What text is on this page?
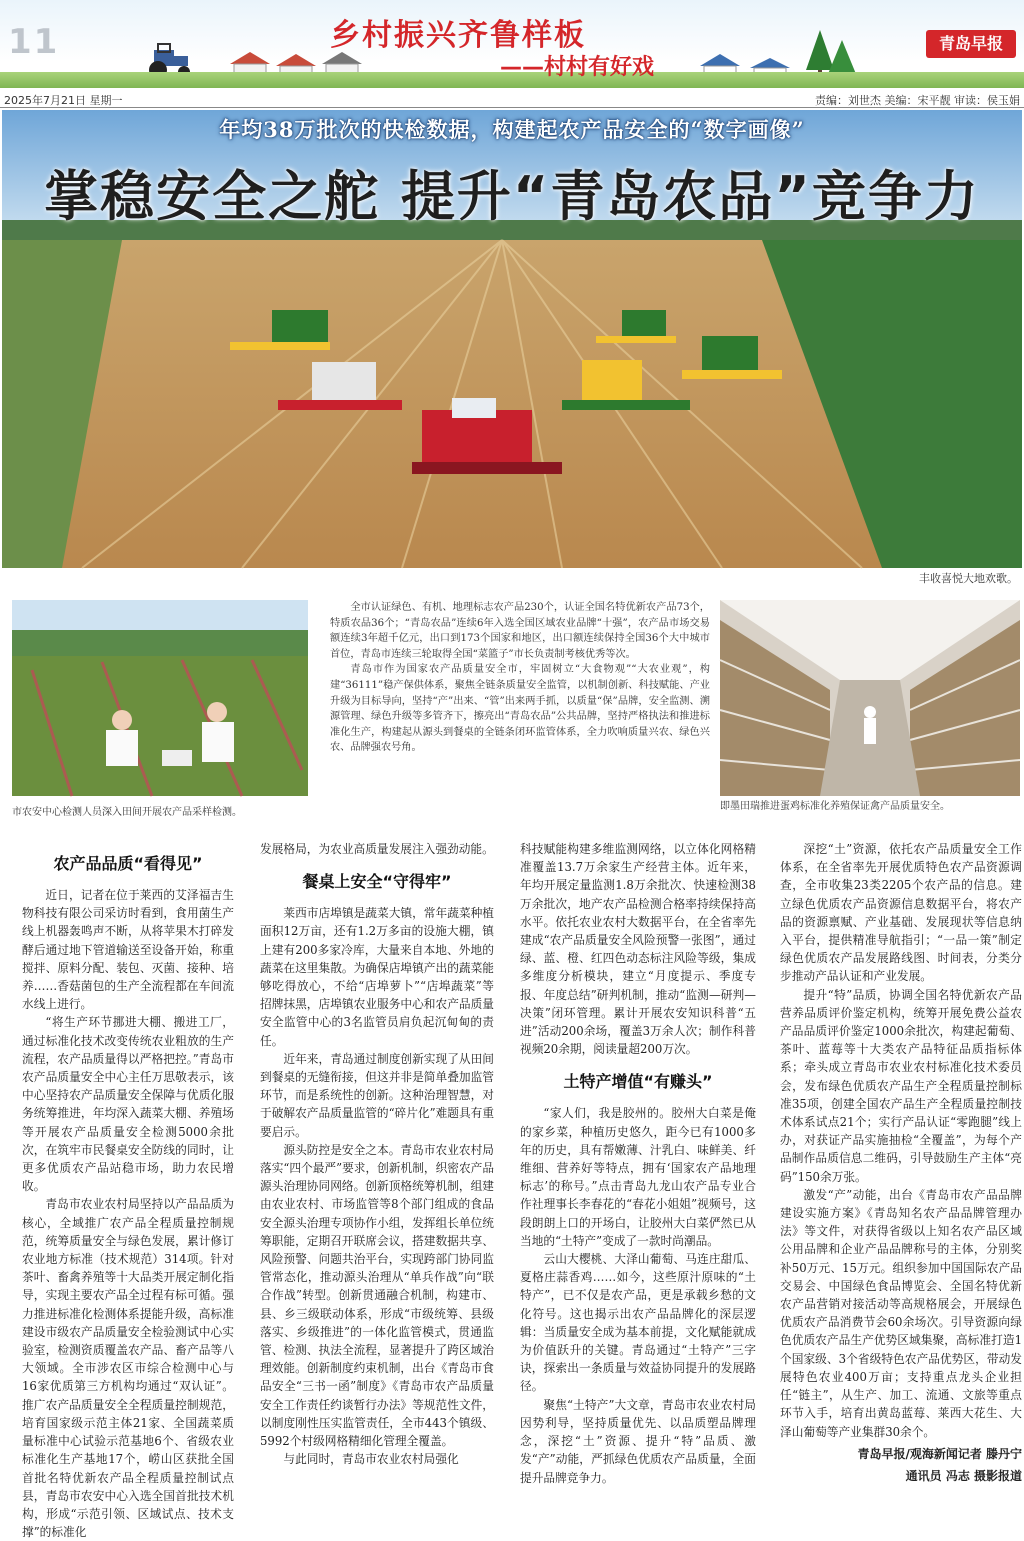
11	乡村振兴齐鲁样板
——村村有好戏
青岛早报
2025年7月21日 星期一	责编：刘世杰 美编：宋平靓 审读：侯玉娟
年均38万批次的快检数据，构建起农产品安全的“数字画像”
掌稳安全之舵 提升“青岛农品”竞争力
丰收喜悦大地欢歌。
市农安中心检测人员深入田间开展农产品采样检测。

全市认证绿色、有机、地理标志农产品230个，认证全国名特优新农产品73个，特质农品36个；“青岛农品”连续6年入选全国区域农业品牌“十强”，农产品市场交易额连续3年超千亿元，出口到173个国家和地区，出口额连续保持全国36个大中城市首位，青岛市连续三轮取得全国“菜篮子”市长负责制考核优秀等次。

青岛市作为国家农产品质量安全市，牢固树立“大食物观”“大农业观”，构建“36111”稳产保供体系，聚焦全链条质量安全监管，以机制创新、科技赋能、产业升级为目标导向，坚持“产”出来、“管”出来两手抓，以质量“保”品牌，安全监测、溯源管理、绿色升级等多管齐下，擦亮出“青岛农品”公共品牌，坚持严格执法和推进标准化生产，构建起从源头到餐桌的全链条闭环监管体系，全力吹响质量兴农、绿色兴农、品牌强农号角。

即墨田瑞推进蛋鸡标准化养殖保证禽产品质量安全。
农产品品质“看得见”

近日，记者在位于莱西的艾泽福吉生物科技有限公司采访时看到，食用菌生产线上机器轰鸣声不断，从将苹果木打碎发酵后通过地下管道输送至设备开始，称重搅拌、原料分配、装包、灭菌、接种、培养……香菇菌包的生产全流程都在车间流水线上进行。

“将生产环节挪进大棚、搬进工厂，通过标准化技术改变传统农业粗放的生产流程，农产品质量得以严格把控。”青岛市农产品质量安全中心主任万思敬表示，该中心坚持农产品质量安全保障与优质化服务统筹推进，年均深入蔬菜大棚、养殖场等开展农产品质量安全检测5000余批次，在筑牢市民餐桌安全防线的同时，让更多优质农产品站稳市场，助力农民增收。

青岛市农业农村局坚持以产品品质为核心，全域推广农产品全程质量控制规范，统筹质量安全与绿色发展，累计修订农业地方标准（技术规范）314项。针对茶叶、畜禽养殖等十大品类开展定制化指导，实现主要农产品全过程有标可循。强力推进标准化检测体系提能升级，高标准建设市级农产品质量安全检验测试中心实验室，检测资质覆盖农产品、畜产品等八大领域。全市涉农区市综合检测中心与16家优质第三方机构均通过“双认证”。推广农产品质量安全全程质量控制规范，培育国家级示范主体21家、全国蔬菜质量标准中心试验示范基地6个、省级农业标准化生产基地17个，崂山区获批全国首批名特优新农产品全程质量控制试点县，青岛市农安中心入选全国首批技术机构，形成“示范引领、区域试点、技术支撑”的标准化

发展格局，为农业高质量发展注入强劲动能。

餐桌上安全“守得牢”

莱西市店埠镇是蔬菜大镇，常年蔬菜种植面积12万亩，还有1.2万多亩的设施大棚，镇上建有200多家冷库，大量来自本地、外地的蔬菜在这里集散。为确保店埠镇产出的蔬菜能够吃得放心，不给“店埠萝卜”“店埠蔬菜”等招牌抹黑，店埠镇农业服务中心和农产品质量安全监管中心的3名监管员肩负起沉甸甸的责任。

近年来，青岛通过制度创新实现了从田间到餐桌的无缝衔接，但这并非是简单叠加监管环节，而是系统性的创新。这种治理智慧，对于破解农产品质量监管的“碎片化”难题具有重要启示。

源头防控是安全之本。青岛市农业农村局落实“四个最严”要求，创新机制，织密农产品源头治理协同网络。创新顶格统筹机制，组建由农业农村、市场监管等8个部门组成的食品安全源头治理专项协作小组，发挥组长单位统筹职能，定期召开联席会议，搭建数据共享、风险预警、问题共治平台，实现跨部门协同监管常态化，推动源头治理从“单兵作战”向“联合作战”转型。创新贯通融合机制，构建市、县、乡三级联动体系，形成“市级统筹、县级落实、乡级推进”的一体化监管模式，贯通监管、检测、执法全流程，显著提升了跨区域治理效能。创新制度约束机制，出台《青岛市食品安全“三书一函”制度》《青岛市农产品质量安全工作责任约谈暂行办法》等规范性文件，以制度刚性压实监管责任，全市443个镇级、5992个村级网格精细化管理全覆盖。

与此同时，青岛市农业农村局强化

科技赋能构建多维监测网络，以立体化网格精准覆盖13.7万余家生产经营主体。近年来，年均开展定量监测1.8万余批次、快速检测38万余批次，地产农产品检测合格率持续保持高水平。依托农业农村大数据平台，在全省率先建成“农产品质量安全风险预警一张图”，通过绿、蓝、橙、红四色动态标注风险等级，集成多维度分析模块，建立“月度提示、季度专报、年度总结”研判机制，推动“监测—研判—决策”闭环管理。累计开展农安知识科普“五进”活动200余场，覆盖3万余人次；制作科普视频20余期，阅读量超200万次。

土特产增值“有赚头”

“家人们，我是胶州的。胶州大白菜是俺的家乡菜，种植历史悠久，距今已有1000多年的历史，具有帮嫩薄、汁乳白、味鲜美、纤维细、营养好等特点，拥有‘国家农产品地理标志’的称号。”点击青岛九龙山农产品专业合作社理事长李春花的“春花小姐姐”视频号，这段朗朗上口的开场白，让胶州大白菜俨然已从当地的“土特产”变成了一款时尚潮品。

云山大樱桃、大泽山葡萄、马连庄甜瓜、夏格庄蒜香鸡……如今，这些原汁原味的“土特产”，已不仅是农产品，更是承载乡愁的文化符号。这也揭示出农产品品牌化的深层逻辑：当质量安全成为基本前提，文化赋能就成为价值跃升的关键。青岛通过“土特产”三字诀，探索出一条质量与效益协同提升的发展路径。

聚焦“土特产”大文章，青岛市农业农村局因势利导，坚持质量优先、以品质塑品牌理念，深挖“土”资源、提升“特”品质、激发“产”动能，严抓绿色优质农产品质量，全面提升品牌竞争力。

深挖“土”资源，依托农产品质量安全工作体系，在全省率先开展优质特色农产品资源调查，全市收集23类2205个农产品的信息。建立绿色优质农产品资源信息数据平台，将农产品的资源禀赋、产业基础、发展现状等信息纳入平台，提供精准导航指引；“一品一策”制定绿色优质农产品发展路线图、时间表，分类分步推动产品认证和产业发展。

提升“特”品质，协调全国名特优新农产品营养品质评价鉴定机构，统筹开展免费公益农产品品质评价鉴定1000余批次，构建起葡萄、茶叶、蓝莓等十大类农产品特征品质指标体系；牵头成立青岛市农业农村标准化技术委员会，发布绿色优质农产品生产全程质量控制标准35项，创建全国农产品生产全程质量控制技术体系试点21个；实行产品认证“零跑腿”线上办，对获证产品实施抽检“全覆盖”，为每个产品制作品质信息二维码，引导鼓励生产主体“亮码”150余万张。

激发“产”动能，出台《青岛市农产品品牌建设实施方案》《青岛知名农产品品牌管理办法》等文件，对获得省级以上知名农产品区域公用品牌和企业产品品牌称号的主体，分别奖补50万元、15万元。组织参加中国国际农产品交易会、中国绿色食品博览会、全国名特优新农产品营销对接活动等高规格展会，开展绿色优质农产品消费节会60余场次。引导资源向绿色优质农产品生产优势区域集聚，高标准打造1个国家级、3个省级特色农产品优势区，带动发展特色农业400万亩；支持重点龙头企业担任“链主”，从生产、加工、流通、文旅等重点环节入手，培育出黄岛蓝莓、莱西大花生、大泽山葡萄等产业集群30余个。

青岛早报/观海新闻记者 滕丹宁
通讯员 冯志 摄影报道
